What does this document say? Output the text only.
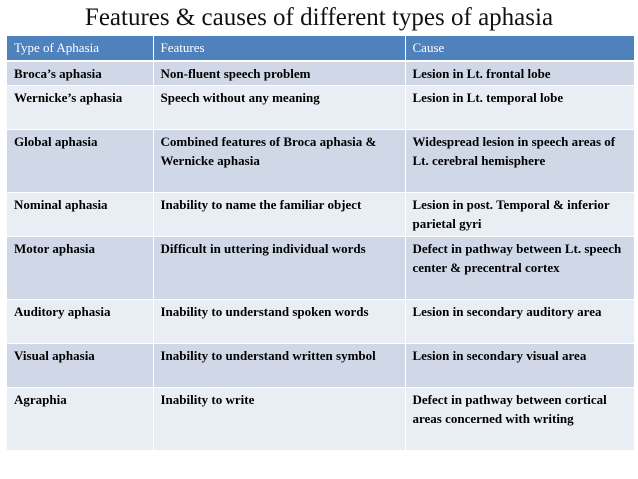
Features & causes of different types of aphasia
Type of Aphasia	Features	Cause
Broca’s aphasia	Non-fluent speech problem	Lesion in Lt. frontal lobe
Wernicke’s aphasia	Speech without any meaning	Lesion in Lt. temporal lobe
Global aphasia	Combined features of Broca aphasia & Wernicke aphasia	Widespread lesion in speech areas of Lt. cerebral hemisphere
Nominal aphasia	Inability to name the familiar object	Lesion in post. Temporal & inferior parietal gyri
Motor aphasia	Difficult in uttering individual words	Defect in pathway between Lt. speech center & precentral cortex
Auditory aphasia	Inability to understand spoken words	Lesion in secondary auditory area
Visual aphasia	Inability to understand written symbol	Lesion in secondary visual area
Agraphia	Inability to write	Defect in pathway between cortical areas concerned with writing
